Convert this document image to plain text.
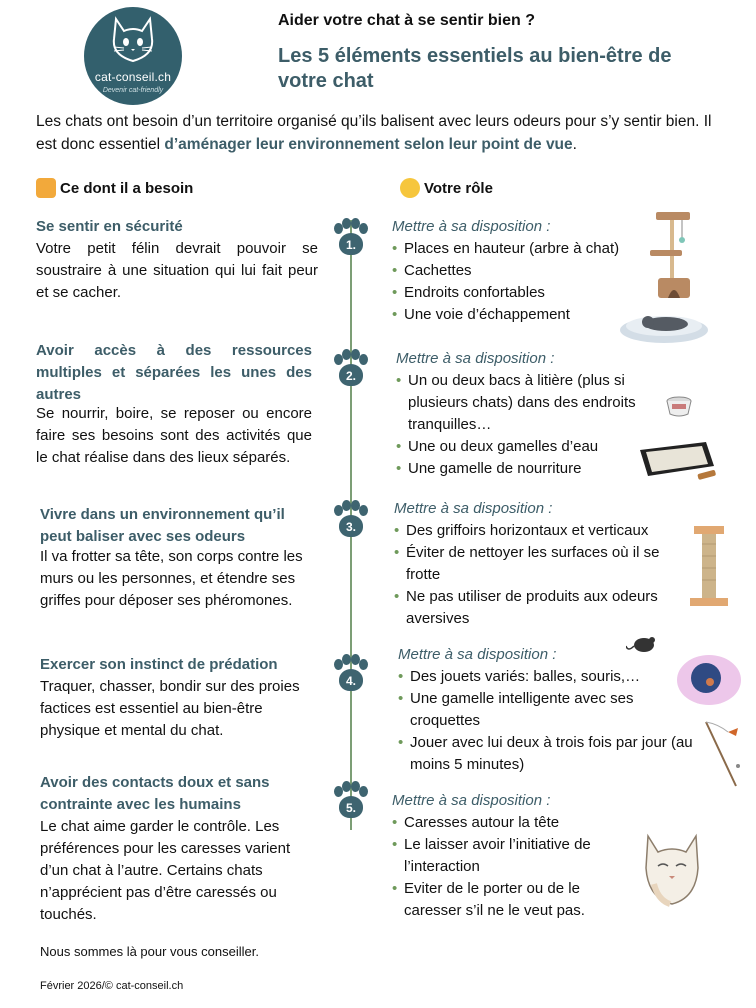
cat-conseil.ch
Devenir cat-friendly
Aider votre chat à se sentir bien ?
Les 5 éléments essentiels au bien-être de votre chat

Les chats ont besoin d’un territoire organisé qu’ils balisent avec leurs odeurs pour s’y sentir bien. Il est donc essentiel d’aménager leur environnement selon leur point de vue.

Ce dont il a besoin	Votre rôle
1.
2.
3.
4.
5.
Se sentir en sécurité
Votre petit félin devrait pouvoir se soustraire à une situation qui lui fait peur et se cacher.
Mettre à sa disposition :
• Places en hauteur (arbre à chat)
• Cachettes
• Endroits confortables
• Une voie d’échappement
Avoir accès à des ressources multiples et séparées les unes des autres
Se nourrir, boire, se reposer ou encore faire ses besoins sont des activités que le chat réalise dans des lieux séparés.
Mettre à sa disposition :
• Un ou deux bacs à litière (plus si plusieurs chats) dans des endroits tranquilles…
• Une ou deux gamelles d’eau
• Une gamelle de nourriture
Vivre dans un environnement qu’il peut baliser avec ses odeurs
Il va frotter sa tête, son corps contre les murs ou les personnes, et étendre ses griffes pour déposer ses phéromones.
Mettre à sa disposition :
• Des griffoirs horizontaux et verticaux
• Éviter de nettoyer les surfaces où il se frotte
• Ne pas utiliser de produits aux odeurs aversives
Exercer son instinct de prédation
Traquer, chasser, bondir sur des proies factices est essentiel au bien-être physique et mental du chat.
Mettre à sa disposition :
• Des jouets variés: balles, souris,…
• Une gamelle intelligente avec ses croquettes
• Jouer avec lui deux à trois fois par jour (au moins 5 minutes)
Avoir des contacts doux et sans contrainte avec les humains
Le chat aime garder le contrôle. Les préférences pour les caresses varient d’un chat à l’autre. Certains chats n’apprécient pas d’être caressés ou touchés.
Mettre à sa disposition :
• Caresses autour la tête
• Le laisser avoir l’initiative de l’interaction
• Eviter de le porter ou de le caresser s’il ne le veut pas.
Nous sommes là pour vous conseiller.
Février 2026/© cat-conseil.ch
